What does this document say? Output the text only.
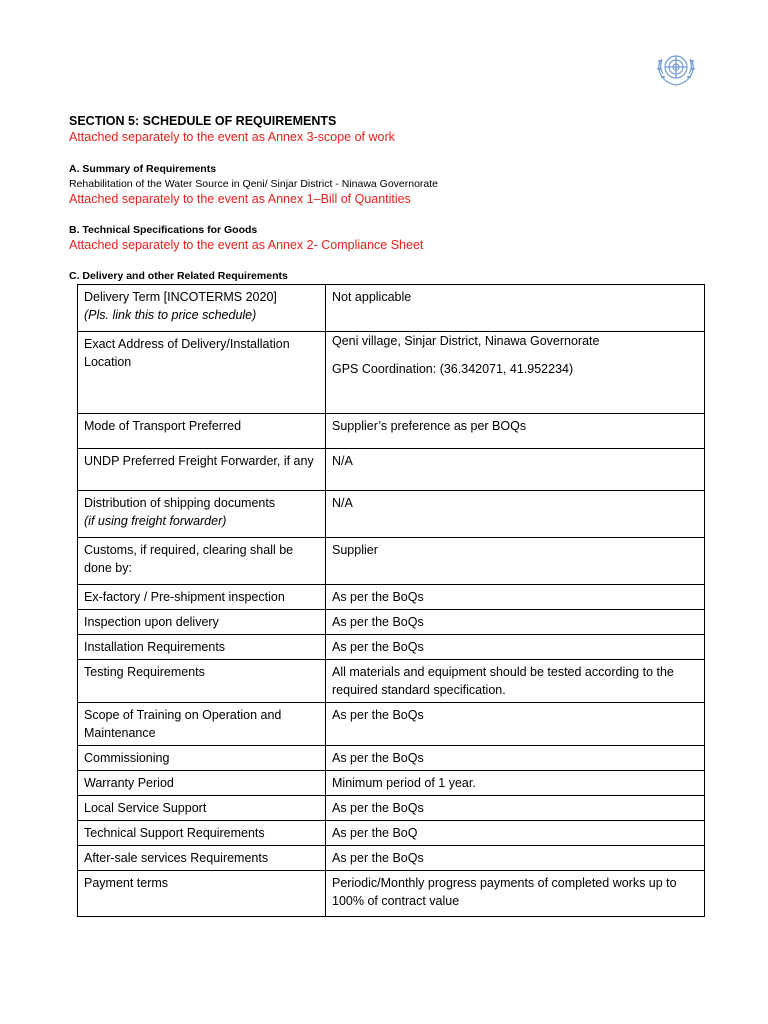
SECTION 5: SCHEDULE OF REQUIREMENTS
Attached separately to the event as Annex 3-scope of work
A. Summary of Requirements
Rehabilitation of the Water Source in Qeni/ Sinjar District - Ninawa Governorate
Attached separately to the event as Annex 1–Bill of Quantities
B. Technical Specifications for Goods
Attached separately to the event as Annex 2- Compliance Sheet
C. Delivery and other Related Requirements
Delivery Term [INCOTERMS 2020]
(Pls. link this to price schedule)	Not applicable
Exact Address of Delivery/Installation Location	Qeni village, Sinjar District, Ninawa Governorate
GPS Coordination: (36.342071, 41.952234)
Mode of Transport Preferred	Supplier’s preference as per BOQs
UNDP Preferred Freight Forwarder, if any	N/A
Distribution of shipping documents
(if using freight forwarder)	N/A
Customs, if required, clearing shall be done by:	Supplier
Ex-factory / Pre-shipment inspection	As per the BoQs
Inspection upon delivery	As per the BoQs
Installation Requirements	As per the BoQs
Testing Requirements	All materials and equipment should be tested according to the required standard specification.
Scope of Training on Operation and Maintenance	As per the BoQs
Commissioning	As per the BoQs
Warranty Period	Minimum period of 1 year.
Local Service Support	As per the BoQs
Technical Support Requirements	As per the BoQ
After-sale services Requirements	As per the BoQs
Payment terms	Periodic/Monthly progress payments of completed works up to 100% of contract value
